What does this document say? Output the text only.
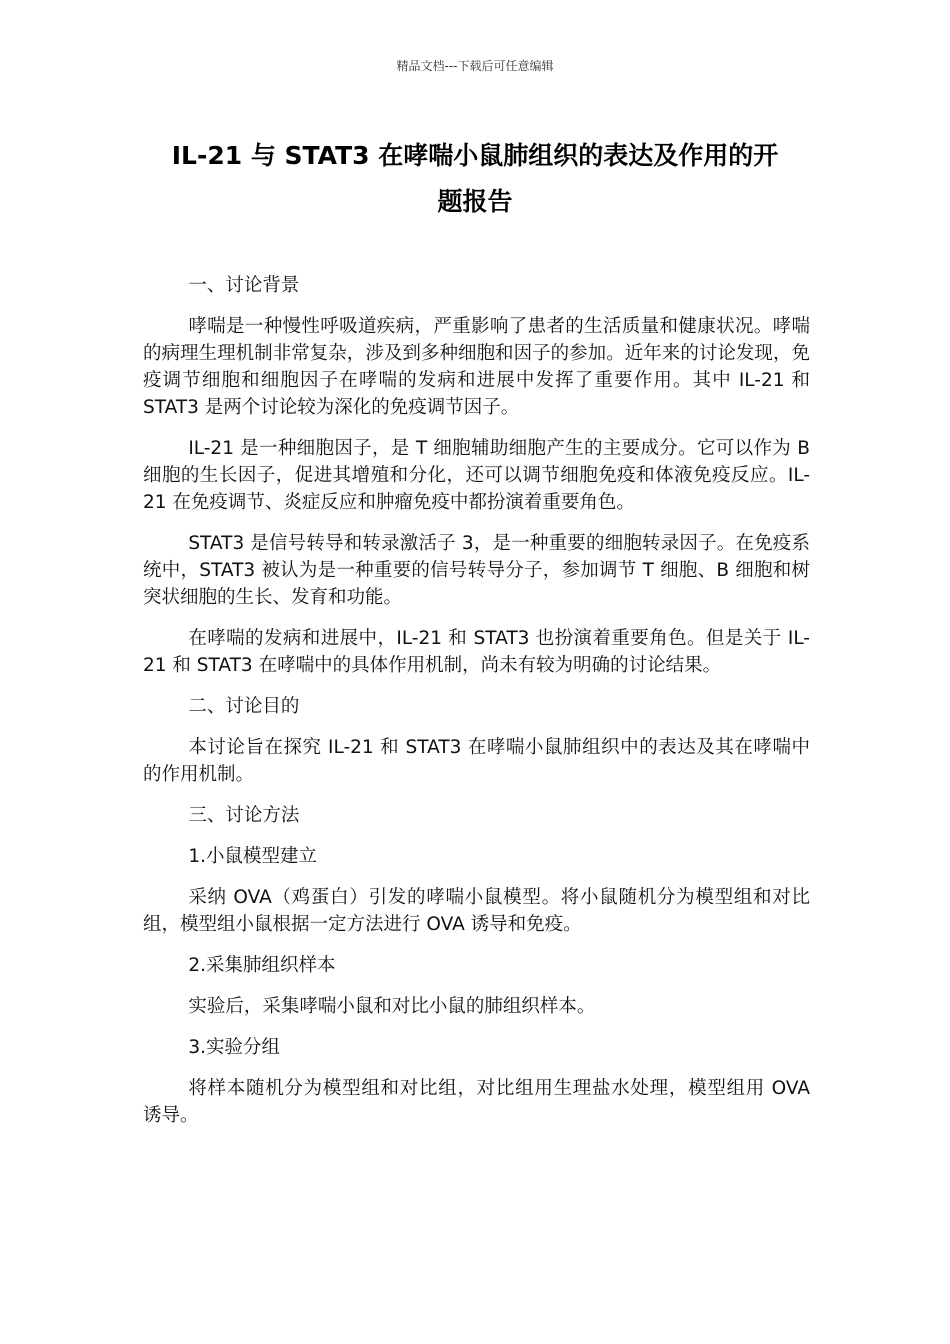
精品文档---下载后可任意编辑
IL-21 与 STAT3 在哮喘小鼠肺组织的表达及作用的开
题报告

一、讨论背景

哮喘是一种慢性呼吸道疾病，严重影响了患者的生活质量和健康状况。哮喘的病理生理机制非常复杂，涉及到多种细胞和因子的参加。近年来的讨论发现，免疫调节细胞和细胞因子在哮喘的发病和进展中发挥了重要作用。其中 IL-21 和 STAT3 是两个讨论较为深化的免疫调节因子。

IL-21 是一种细胞因子，是 T 细胞辅助细胞产生的主要成分。它可以作为 B 细胞的生长因子，促进其增殖和分化，还可以调节细胞免疫和体液免疫反应。IL-21 在免疫调节、炎症反应和肿瘤免疫中都扮演着重要角色。

STAT3 是信号转导和转录激活子 3，是一种重要的细胞转录因子。在免疫系统中，STAT3 被认为是一种重要的信号转导分子，参加调节 T 细胞、B 细胞和树突状细胞的生长、发育和功能。

在哮喘的发病和进展中，IL-21 和 STAT3 也扮演着重要角色。但是关于 IL-21 和 STAT3 在哮喘中的具体作用机制，尚未有较为明确的讨论结果。

二、讨论目的

本讨论旨在探究 IL-21 和 STAT3 在哮喘小鼠肺组织中的表达及其在哮喘中的作用机制。

三、讨论方法

1.小鼠模型建立

采纳 OVA（鸡蛋白）引发的哮喘小鼠模型。将小鼠随机分为模型组和对比组，模型组小鼠根据一定方法进行 OVA 诱导和免疫。

2.采集肺组织样本

实验后，采集哮喘小鼠和对比小鼠的肺组织样本。

3.实验分组

将样本随机分为模型组和对比组，对比组用生理盐水处理，模型组用 OVA 诱导。
